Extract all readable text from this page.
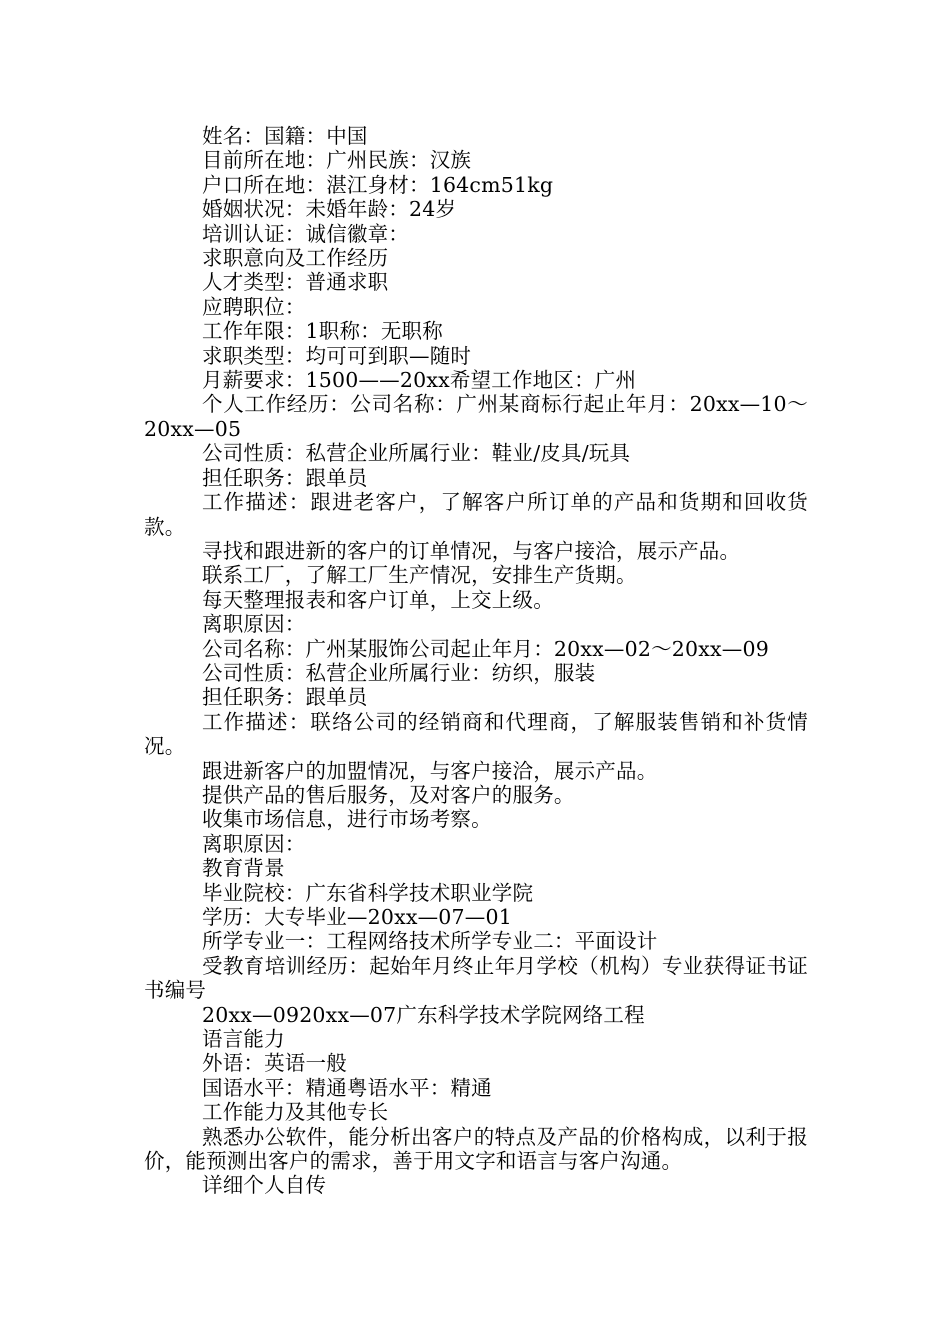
姓名：国籍：中国

目前所在地：广州民族：汉族

户口所在地：湛江身材：164cm51kg

婚姻状况：未婚年龄：24岁

培训认证：诚信徽章：

求职意向及工作经历

人才类型：普通求职

应聘职位：

工作年限：1职称：无职称

求职类型：均可可到职—随时

月薪要求：1500——20xx希望工作地区：广州

个人工作经历：公司名称：广州某商标行起止年月：20xx—10～20xx—05

公司性质：私营企业所属行业：鞋业/皮具/玩具

担任职务：跟单员

工作描述：跟进老客户，了解客户所订单的产品和货期和回收货款。

寻找和跟进新的客户的订单情况，与客户接洽，展示产品。

联系工厂，了解工厂生产情况，安排生产货期。

每天整理报表和客户订单，上交上级。

离职原因：

公司名称：广州某服饰公司起止年月：20xx—02～20xx—09

公司性质：私营企业所属行业：纺织，服装

担任职务：跟单员

工作描述：联络公司的经销商和代理商，了解服装售销和补货情况。

跟进新客户的加盟情况，与客户接洽，展示产品。

提供产品的售后服务，及对客户的服务。

收集市场信息，进行市场考察。

离职原因：

教育背景

毕业院校：广东省科学技术职业学院

学历：大专毕业—20xx—07—01

所学专业一：工程网络技术所学专业二：平面设计

受教育培训经历：起始年月终止年月学校（机构）专业获得证书证书编号

20xx—0920xx—07广东科学技术学院网络工程

语言能力

外语：英语一般

国语水平：精通粤语水平：精通

工作能力及其他专长

熟悉办公软件，能分析出客户的特点及产品的价格构成，以利于报价，能预测出客户的需求，善于用文字和语言与客户沟通。

详细个人自传
